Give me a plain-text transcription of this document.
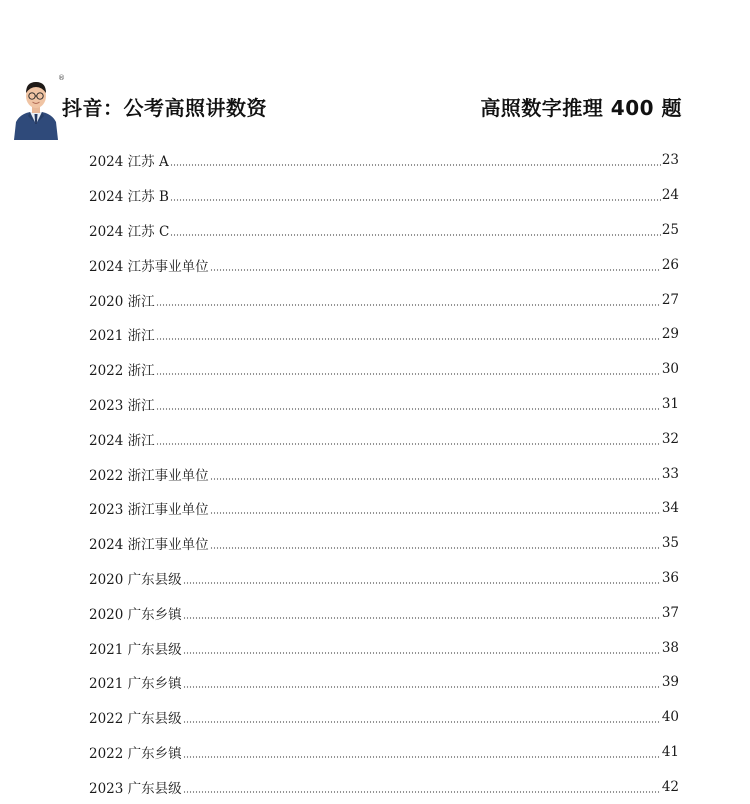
®
抖音：公考高照讲数资	高照数字推理 400 题
2024 江苏 A	23
2024 江苏 B	24
2024 江苏 C	25
2024 江苏事业单位	26
2020 浙江	27
2021 浙江	29
2022 浙江	30
2023 浙江	31
2024 浙江	32
2022 浙江事业单位	33
2023 浙江事业单位	34
2024 浙江事业单位	35
2020 广东县级	36
2020 广东乡镇	37
2021 广东县级	38
2021 广东乡镇	39
2022 广东县级	40
2022 广东乡镇	41
2023 广东县级	42
